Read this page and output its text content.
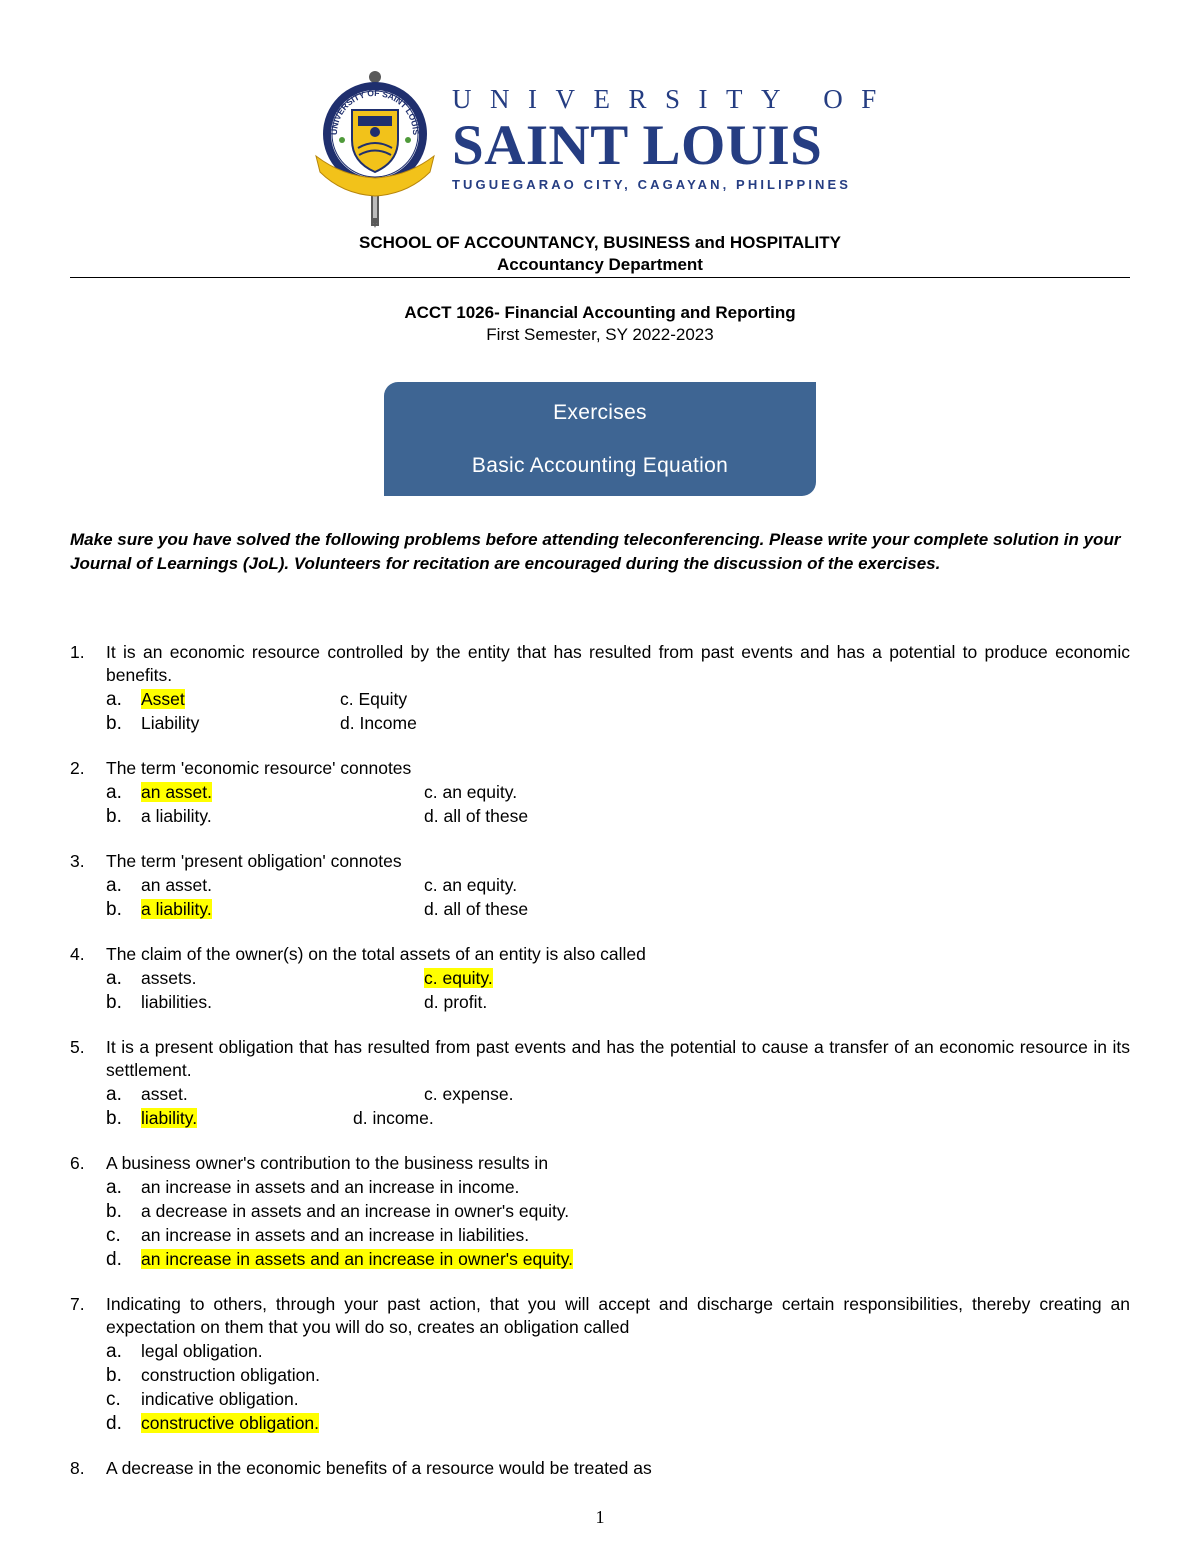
UNIVERSITY OF SAINT LOUIS
UNIVERSITY OF
SAINT LOUIS
TUGUEGARAO CITY, CAGAYAN, PHILIPPINES
SCHOOL OF ACCOUNTANCY, BUSINESS and HOSPITALITY
Accountancy Department
ACCT 1026- Financial Accounting and Reporting
First Semester, SY 2022-2023
Exercises
Basic Accounting Equation
Make sure you have solved the following problems before attending teleconferencing. Please write your complete solution in your Journal of Learnings (JoL). Volunteers for recitation are encouraged during the discussion of the exercises.
1. It is an economic resource controlled by the entity that has resulted from past events and has a potential to produce economic benefits.
a. Asset	c. Equity
b. Liability	d. Income
2. The term 'economic resource' connotes
a. an asset.	c. an equity.
b. a liability.	d. all of these
3. The term 'present obligation' connotes
a. an asset.	c. an equity.
b. a liability.	d. all of these
4. The claim of the owner(s) on the total assets of an entity is also called
a. assets.	c. equity.
b. liabilities.	d. profit.
5. It is a present obligation that has resulted from past events and has the potential to cause a transfer of an economic resource in its settlement.
a. asset.	c. expense.
b. liability.	d. income.
6. A business owner's contribution to the business results in
a. an increase in assets and an increase in income.
b. a decrease in assets and an increase in owner's equity.
c. an increase in assets and an increase in liabilities.
d. an increase in assets and an increase in owner's equity.
7. Indicating to others, through your past action, that you will accept and discharge certain responsibilities, thereby creating an expectation on them that you will do so, creates an obligation called
a. legal obligation.
b. construction obligation.
c. indicative obligation.
d. constructive obligation.
8. A decrease in the economic benefits of a resource would be treated as
1
